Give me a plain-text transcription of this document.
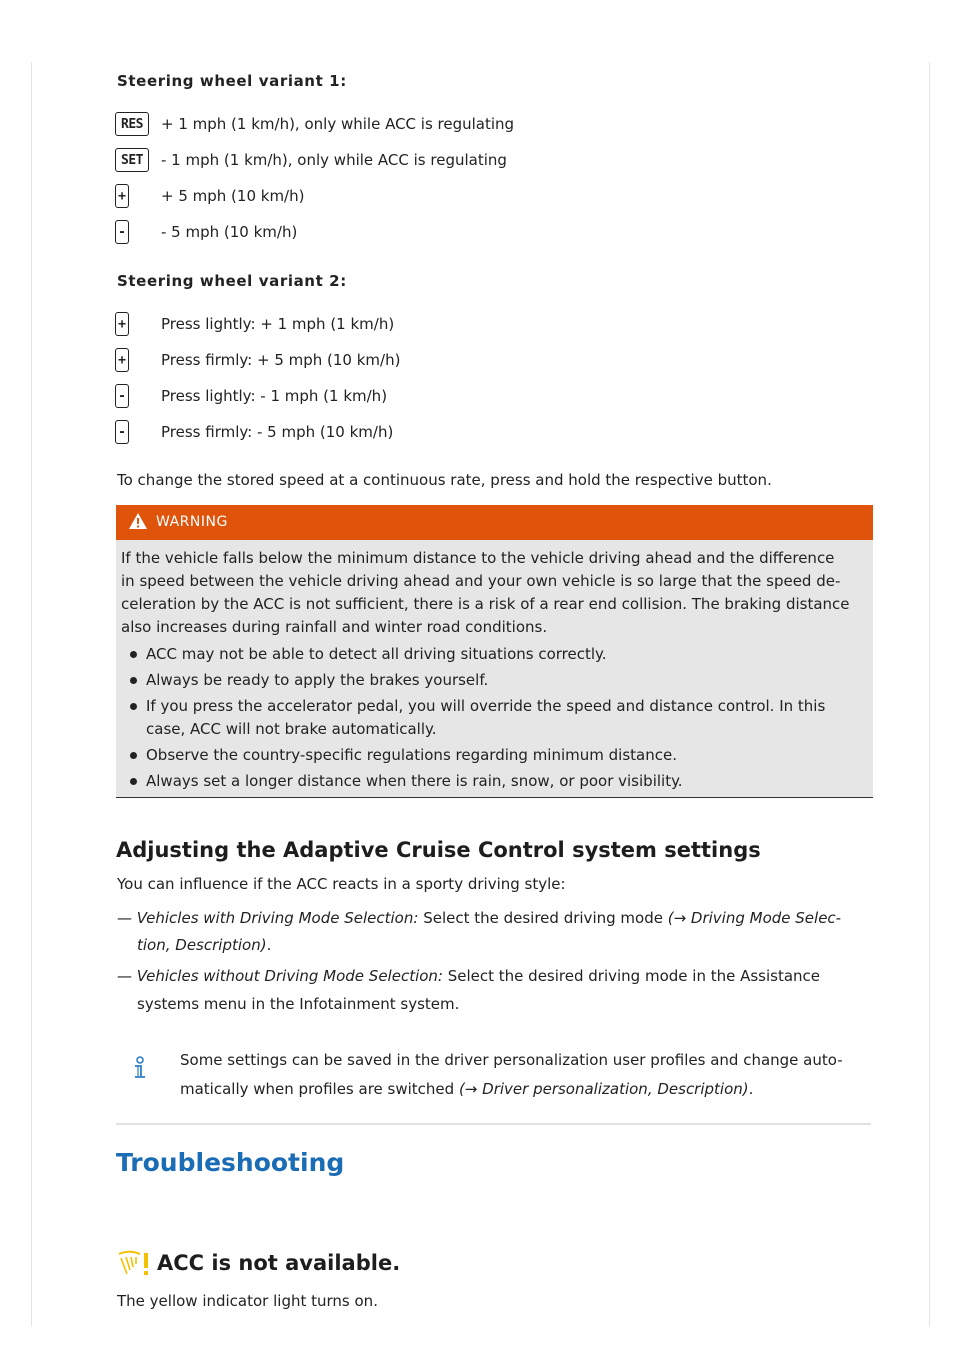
Steering wheel variant 1:
RES	+ 1 mph (1 km/h), only while ACC is regulating
SET	- 1 mph (1 km/h), only while ACC is regulating
+ + 5 mph (10 km/h)
- - 5 mph (10 km/h)
Steering wheel variant 2:
+ Press lightly: + 1 mph (1 km/h)
+ Press firmly: + 5 mph (10 km/h)
- Press lightly: - 1 mph (1 km/h)
- Press firmly: - 5 mph (10 km/h)
To change the stored speed at a continuous rate, press and hold the respective button.
WARNING
If the vehicle falls below the minimum distance to the vehicle driving ahead and the difference
in speed between the vehicle driving ahead and your own vehicle is so large that the speed de-
celeration by the ACC is not sufficient, there is a risk of a rear end collision. The braking distance
also increases during rainfall and winter road conditions.
ACC may not be able to detect all driving situations correctly.
Always be ready to apply the brakes yourself.
If you press the accelerator pedal, you will override the speed and distance control. In this
case, ACC will not brake automatically.
Observe the country-specific regulations regarding minimum distance.
Always set a longer distance when there is rain, snow, or poor visibility.
Adjusting the Adaptive Cruise Control system settings
You can influence if the ACC reacts in a sporty driving style:
— Vehicles with Driving Mode Selection: Select the desired driving mode (→ Driving Mode Selec-
tion, Description).
— Vehicles without Driving Mode Selection: Select the desired driving mode in the Assistance
systems menu in the Infotainment system.
Some settings can be saved in the driver personalization user profiles and change auto-
matically when profiles are switched (→ Driver personalization, Description).
Troubleshooting
ACC is not available.
The yellow indicator light turns on.
